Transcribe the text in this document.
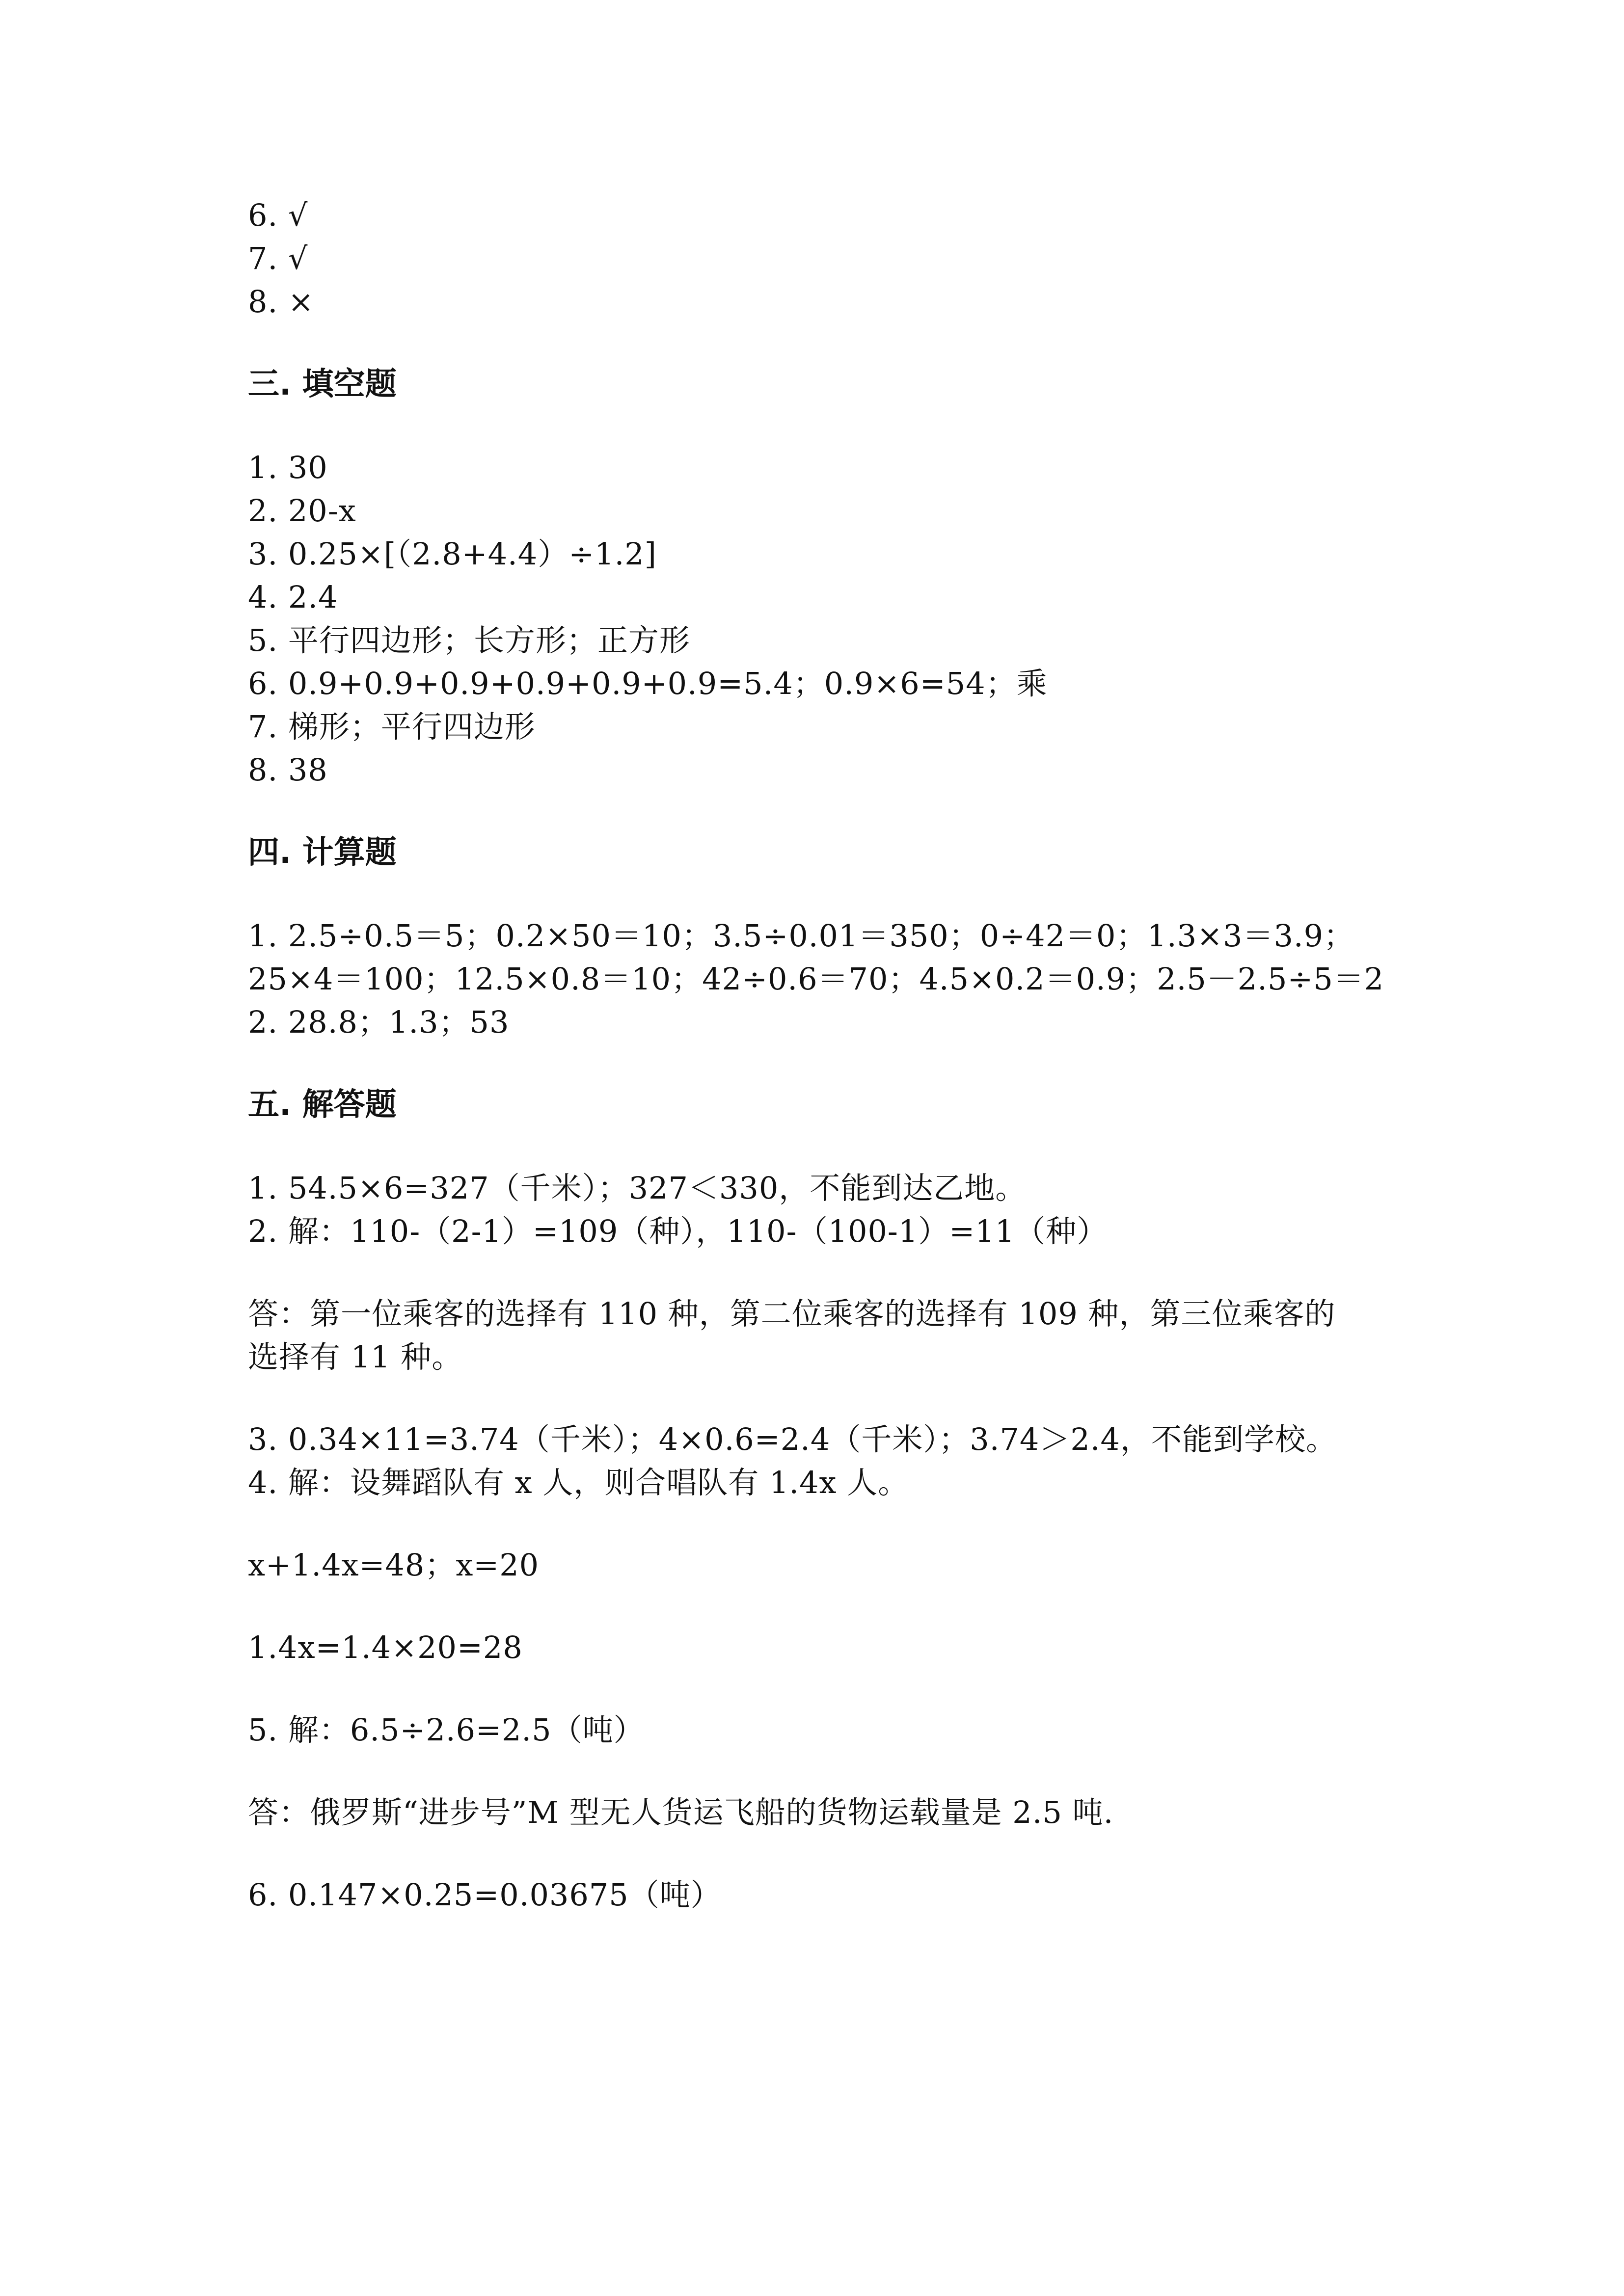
6. √
7. √
8. ×
三. 填空题
1. 30
2. 20-x
3. 0.25×[（2.8+4.4）÷1.2]
4. 2.4
5. 平行四边形；长方形；正方形
6. 0.9+0.9+0.9+0.9+0.9+0.9=5.4；0.9×6=54；乘
7. 梯形；平行四边形
8. 38
四. 计算题
1. 2.5÷0.5＝5；0.2×50＝10；3.5÷0.01＝350；0÷42＝0；1.3×3＝3.9；
25×4＝100；12.5×0.8＝10；42÷0.6＝70；4.5×0.2＝0.9；2.5－2.5÷5＝2
2. 28.8；1.3；53
五. 解答题
1. 54.5×6=327（千米）；327＜330，不能到达乙地。
2. 解：110-（2-1）=109（种），110-（100-1）=11（种）
答：第一位乘客的选择有 110 种，第二位乘客的选择有 109 种，第三位乘客的
选择有 11 种。
3. 0.34×11=3.74（千米）；4×0.6=2.4（千米）；3.74＞2.4，不能到学校。
4. 解：设舞蹈队有 x 人，则合唱队有 1.4x 人。
x+1.4x=48；x=20
1.4x=1.4×20=28
5. 解：6.5÷2.6=2.5（吨）
答：俄罗斯“进步号”M 型无人货运飞船的货物运载量是 2.5 吨.
6. 0.147×0.25=0.03675（吨）
